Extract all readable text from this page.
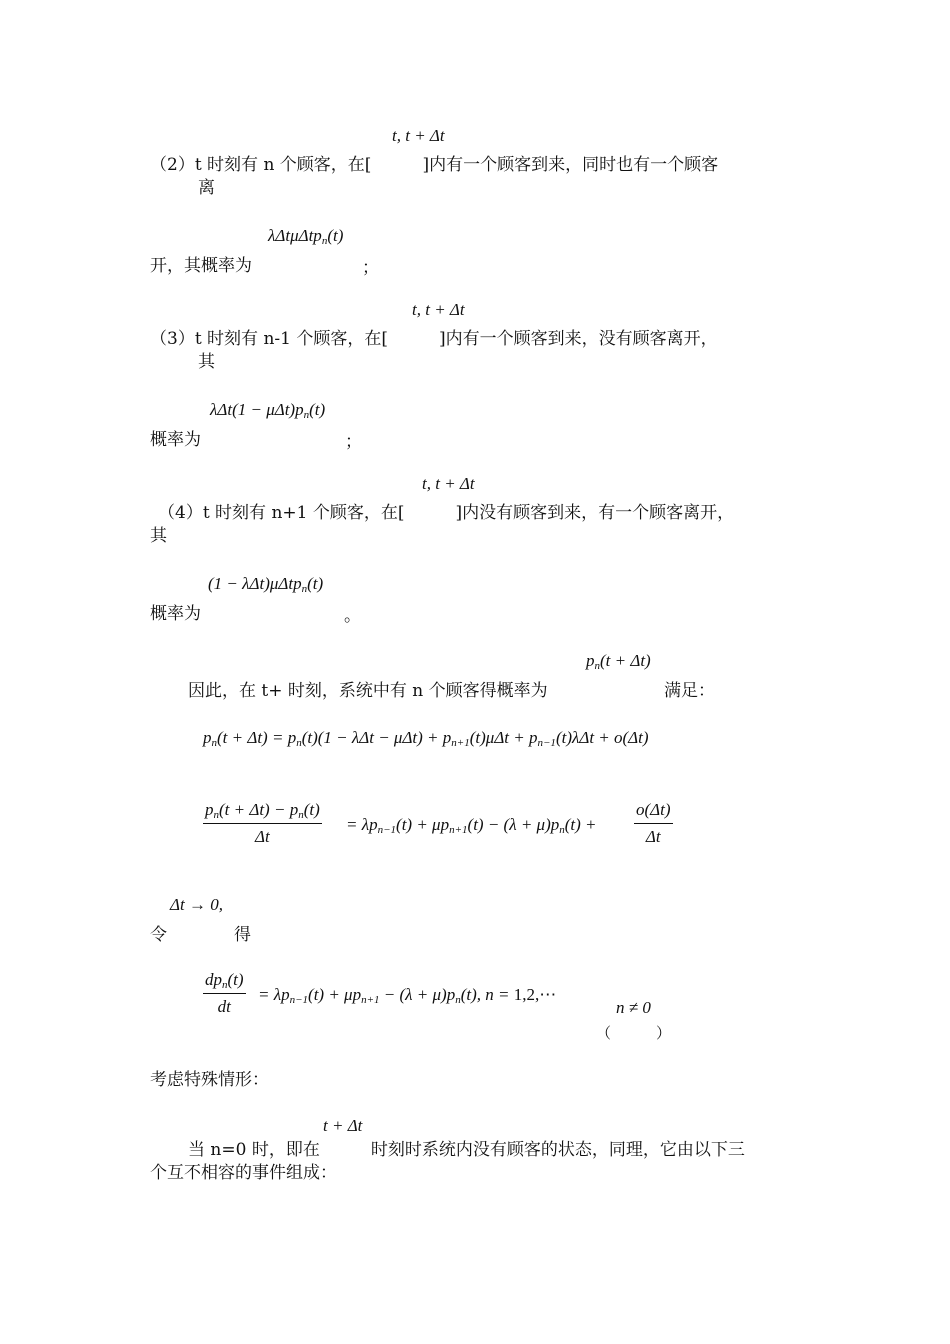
t, t + Δt
（2）t 时刻有 n 个顾客，在[　　　]内有一个顾客到来，同时也有一个顾客
离
λΔtμΔtp$_n$(t)
开，其概率为	；
t, t + Δt
（3）t 时刻有 n-1 个顾客，在[　　　]内有一个顾客到来，没有顾客离开，
其
$\lambda\Delta t(1 - \mu\Delta t)p_n(t)$
概率为	；
t, t + Δt
（4）t 时刻有 n+1 个顾客，在[　　　]内没有顾客到来，有一个顾客离开，
其
(1 − λΔt)μΔtp$_n$(t)
概率为	。
$p_n(t + \Delta t)$
因此，在 t+ 时刻，系统中有 n 个顾客得概率为	满足：
$p_n(t + \Delta t) = p_n(t)(1 - \lambda\Delta t - \mu\Delta t) + p_{n+1}(t)\mu\Delta t + p_{n-1}(t)\lambda\Delta t + o(\Delta t)$
$\frac{p_n(t + \Delta t) - p_n(t)}{\Delta t} = \lambda p_{n-1}(t) + \mu p_{n+1}(t) - (\lambda + \mu)p_n(t) + \frac{o(\Delta t)}{\Delta t}$
Δt → 0,
令	得
$dp_n(t)$
dt
= $\lambda p_{n-1}(t) + \mu p_{n+1} - (\lambda + \mu)p_n(t)$, n = 1,2,⋯
n ≠ 0
（　　　）
考虑特殊情形：
t + Δt
当 n=0 时，即在　　　时刻时系统内没有顾客的状态，同理，它由以下三
个互不相容的事件组成：
